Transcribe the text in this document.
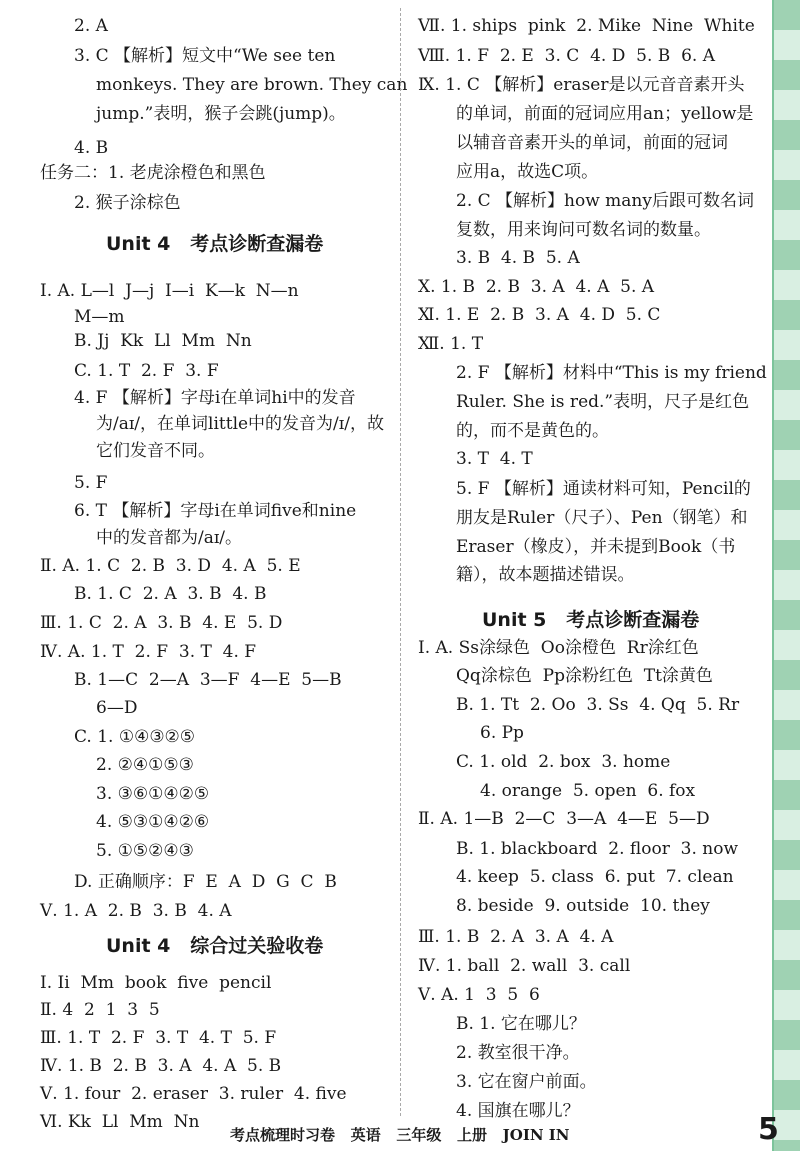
2. A
3. C 【解析】短文中“We see ten
monkeys. They are brown. They can
jump.”表明，猴子会跳(jump)。
4. B
任务二：1. 老虎涂橙色和黑色
2. 猴子涂棕色
Ⅰ. A. L—l  J—j  I—i  K—k  N—n
M—m
B. Jj  Kk  Ll  Mm  Nn
C. 1. T  2. F  3. F
4. F 【解析】字母i在单词hi中的发音
为/aɪ/，在单词little中的发音为/ɪ/，故
它们发音不同。
5. F
6. T 【解析】字母i在单词five和nine
中的发音都为/aɪ/。
Ⅱ. A. 1. C  2. B  3. D  4. A  5. E
B. 1. C  2. A  3. B  4. B
Ⅲ. 1. C  2. A  3. B  4. E  5. D
Ⅳ. A. 1. T  2. F  3. T  4. F
B. 1—C  2—A  3—F  4—E  5—B
6—D
C. 1. ①④③②⑤
2. ②④①⑤③
3. ③⑥①④②⑤
4. ⑤③①④②⑥
5. ①⑤②④③
D. 正确顺序：F  E  A  D  G  C  B
Ⅴ. 1. A  2. B  3. B  4. A
Ⅰ. Ii  Mm  book  five  pencil
Ⅱ. 4  2  1  3  5
Ⅲ. 1. T  2. F  3. T  4. T  5. F
Ⅳ. 1. B  2. B  3. A  4. A  5. B
Ⅴ. 1. four  2. eraser  3. ruler  4. five
Ⅵ. Kk  Ll  Mm  Nn
Unit 4   考点诊断查漏卷
Unit 4   综合过关验收卷
Ⅶ. 1. ships  pink  2. Mike  Nine  White
Ⅷ. 1. F  2. E  3. C  4. D  5. B  6. A
Ⅸ. 1. C 【解析】eraser是以元音音素开头
的单词，前面的冠词应用an；yellow是
以辅音音素开头的单词，前面的冠词
应用a，故选C项。
2. C 【解析】how many后跟可数名词
复数，用来询问可数名词的数量。
3. B  4. B  5. A
Ⅹ. 1. B  2. B  3. A  4. A  5. A
Ⅺ. 1. E  2. B  3. A  4. D  5. C
Ⅻ. 1. T
2. F 【解析】材料中“This is my friend
Ruler. She is red.”表明，尺子是红色
的，而不是黄色的。
3. T  4. T
5. F 【解析】通读材料可知，Pencil的
朋友是Ruler（尺子）、Pen（钢笔）和
Eraser（橡皮），并未提到Book（书
籍），故本题描述错误。
Ⅰ. A. Ss涂绿色  Oo涂橙色  Rr涂红色
Qq涂棕色  Pp涂粉红色  Tt涂黄色
B. 1. Tt  2. Oo  3. Ss  4. Qq  5. Rr
6. Pp
C. 1. old  2. box  3. home
4. orange  5. open  6. fox
Ⅱ. A. 1—B  2—C  3—A  4—E  5—D
B. 1. blackboard  2. floor  3. now
4. keep  5. class  6. put  7. clean
8. beside  9. outside  10. they
Ⅲ. 1. B  2. A  3. A  4. A
Ⅳ. 1. ball  2. wall  3. call
Ⅴ. A. 1  3  5  6
B. 1. 它在哪儿？
2. 教室很干净。
3. 它在窗户前面。
4. 国旗在哪儿？
Unit 5   考点诊断查漏卷
考点梳理时习卷   英语   三年级   上册   JOIN IN	5
